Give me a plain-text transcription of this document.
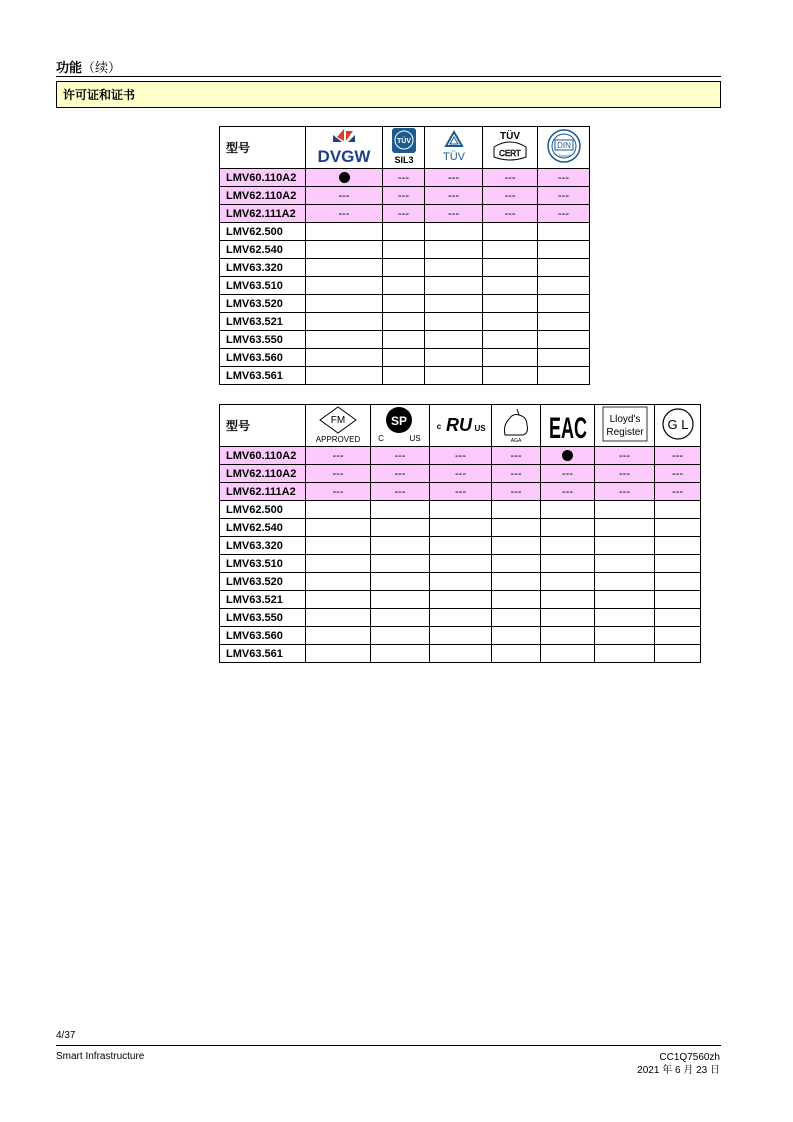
功能（续）
许可证和证书
型号	DVGW	TÜV
SIL3	TÜV	TÜV
CERT	DIN
Geprüft

LMV60.110A2		---	---	---	---
LMV62.110A2	---	---	---	---	---
LMV62.111A2	---	---	---	---	---
LMV62.500					
LMV62.540					
LMV63.320					
LMV63.510					
LMV63.520					
LMV63.521					
LMV63.550					
LMV63.560					
LMV63.561					
型号	FM
APPROVED	SP
C US	c RU US	AGA	EAC	Lloyd's
Register	G L

LMV60.110A2	---	---	---	---		---	---
LMV62.110A2	---	---	---	---	---	---	---
LMV62.111A2	---	---	---	---	---	---	---
LMV62.500							
LMV62.540							
LMV63.320							
LMV63.510							
LMV63.520							
LMV63.521							
LMV63.550							
LMV63.560							
LMV63.561							
4/37
Smart Infrastructure	CC1Q7560zh
2021 年 6 月 23 日
